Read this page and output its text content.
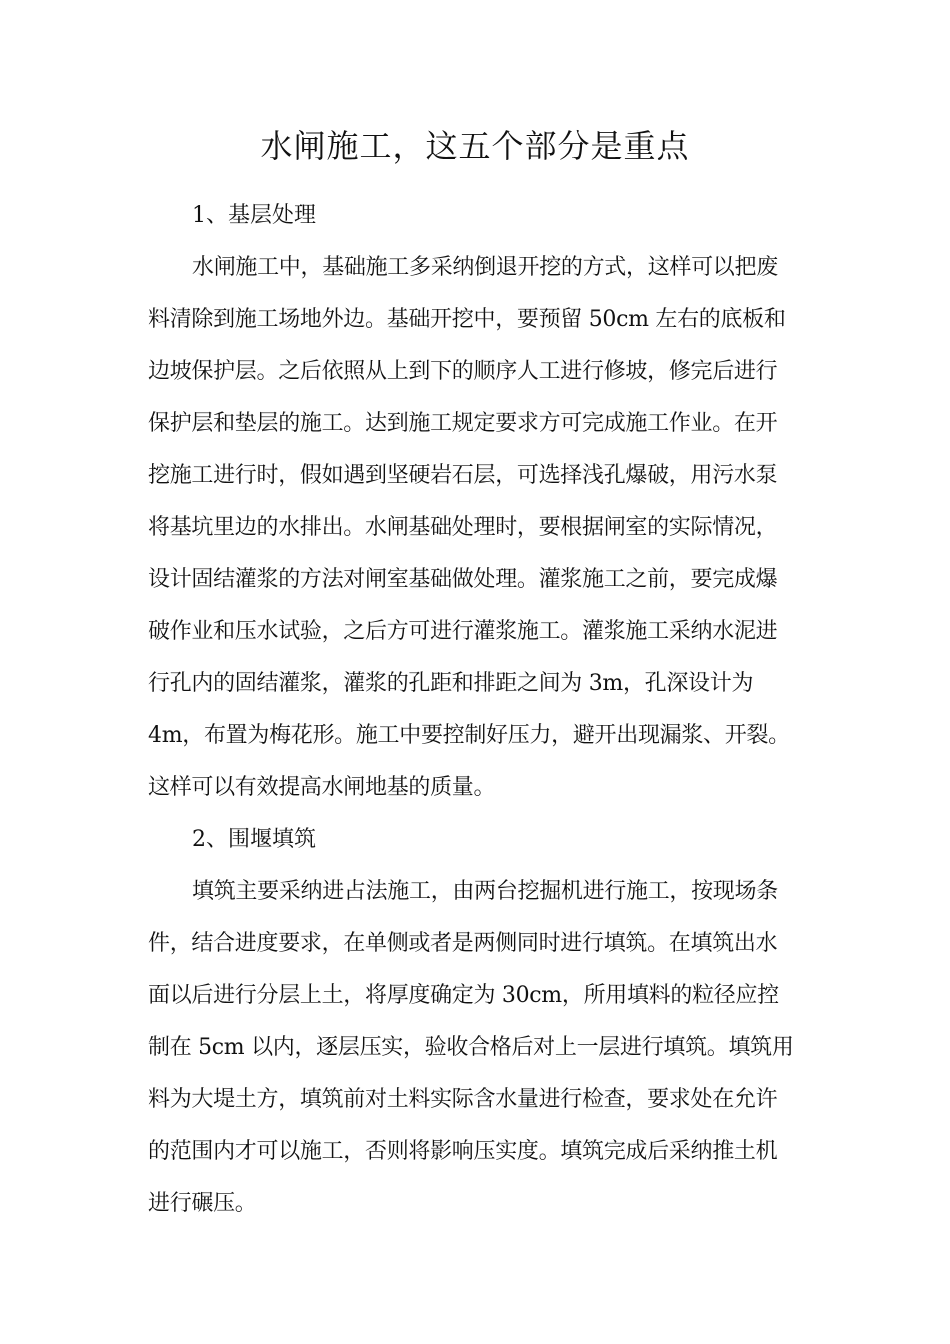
水闸施工，这五个部分是重点

1、基层处理

水闸施工中，基础施工多采纳倒退开挖的方式，这样可以把废

料清除到施工场地外边。基础开挖中，要预留 50cm 左右的底板和

边坡保护层。之后依照从上到下的顺序人工进行修坡，修完后进行

保护层和垫层的施工。达到施工规定要求方可完成施工作业。在开

挖施工进行时，假如遇到坚硬岩石层，可选择浅孔爆破，用污水泵

将基坑里边的水排出。水闸基础处理时，要根据闸室的实际情况，

设计固结灌浆的方法对闸室基础做处理。灌浆施工之前，要完成爆

破作业和压水试验，之后方可进行灌浆施工。灌浆施工采纳水泥进

行孔内的固结灌浆，灌浆的孔距和排距之间为 3m，孔深设计为

4m，布置为梅花形。施工中要控制好压力，避开出现漏浆、开裂。

这样可以有效提高水闸地基的质量。

2、围堰填筑

填筑主要采纳进占法施工，由两台挖掘机进行施工，按现场条

件，结合进度要求，在单侧或者是两侧同时进行填筑。在填筑出水

面以后进行分层上土，将厚度确定为 30cm，所用填料的粒径应控

制在 5cm 以内，逐层压实，验收合格后对上一层进行填筑。填筑用

料为大堤土方，填筑前对土料实际含水量进行检查，要求处在允许

的范围内才可以施工，否则将影响压实度。填筑完成后采纳推土机

进行碾压。
